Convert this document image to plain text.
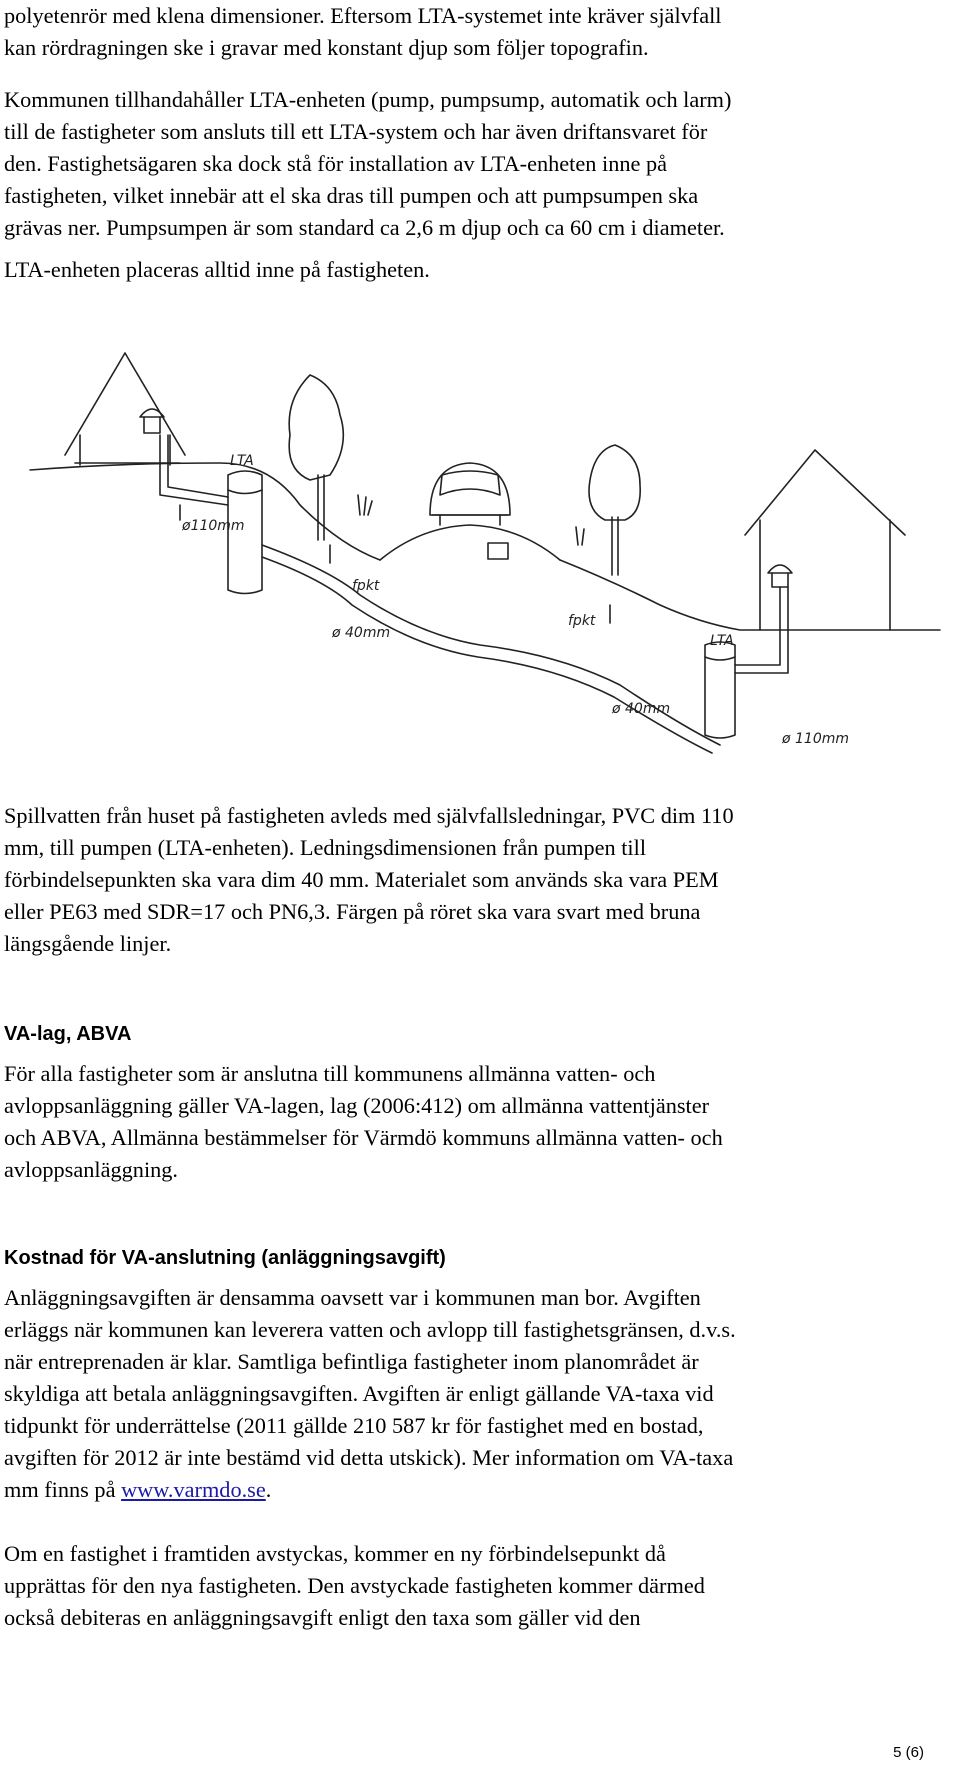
polyetenrör med klena dimensioner. Eftersom LTA-systemet inte kräver självfall
kan rördragningen ske i gravar med konstant djup som följer topografin.

Kommunen tillhandahåller LTA-enheten (pump, pumpsump, automatik och larm)
till de fastigheter som ansluts till ett LTA-system och har även driftansvaret för
den. Fastighetsägaren ska dock stå för installation av LTA-enheten inne på
fastigheten, vilket innebär att el ska dras till pumpen och att pumpsumpen ska
grävas ner. Pumpsumpen är som standard ca 2,6 m djup och ca 60 cm i diameter.

LTA-enheten placeras alltid inne på fastigheten.

LTA
ø110mm
fpkt
ø 40mm
fpkt
LTA
ø 40mm
ø 110mm

Spillvatten från huset på fastigheten avleds med självfallsledningar, PVC dim 110
mm, till pumpen (LTA-enheten). Ledningsdimensionen från pumpen till
förbindelsepunkten ska vara dim 40 mm. Materialet som används ska vara PEM
eller PE63 med SDR=17 och PN6,3. Färgen på röret ska vara svart med bruna
längsgående linjer.

VA-lag, ABVA

För alla fastigheter som är anslutna till kommunens allmänna vatten- och
avloppsanläggning gäller VA-lagen, lag (2006:412) om allmänna vattentjänster
och ABVA, Allmänna bestämmelser för Värmdö kommuns allmänna vatten- och
avloppsanläggning.

Kostnad för VA-anslutning (anläggningsavgift)

Anläggningsavgiften är densamma oavsett var i kommunen man bor. Avgiften
erläggs när kommunen kan leverera vatten och avlopp till fastighetsgränsen, d.v.s.
när entreprenaden är klar. Samtliga befintliga fastigheter inom planområdet är
skyldiga att betala anläggningsavgiften. Avgiften är enligt gällande VA-taxa vid
tidpunkt för underrättelse (2011 gällde 210 587 kr för fastighet med en bostad,
avgiften för 2012 är inte bestämd vid detta utskick). Mer information om VA-taxa
mm finns på www.varmdo.se.

Om en fastighet i framtiden avstyckas, kommer en ny förbindelsepunkt då
upprättas för den nya fastigheten. Den avstyckade fastigheten kommer därmed
också debiteras en anläggningsavgift enligt den taxa som gäller vid den

5 (6)
